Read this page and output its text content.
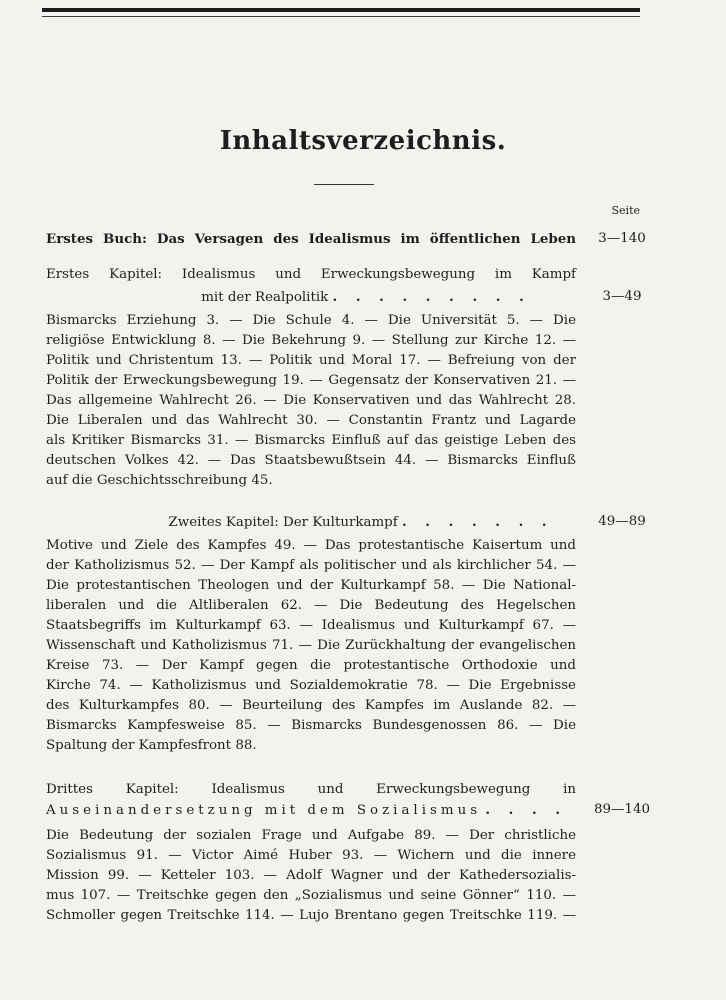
Inhaltsverzeichnis.
Seite
Erstes Buch: Das Versagen des Idealismus im öffentlichen Leben	3—140
Erstes Kapitel: Idealismus und Erweckungsbewegung im Kampf
mit der Realpolitik . . . . . . . . .	3—49
Bismarcks Erziehung 3. — Die Schule 4. — Die Universität 5. — Die
religiöse Entwicklung 8. — Die Bekehrung 9. — Stellung zur Kirche 12. —
Politik und Christentum 13. — Politik und Moral 17. — Befreiung von der
Politik der Erweckungsbewegung 19. — Gegensatz der Konservativen 21. —
Das allgemeine Wahlrecht 26. — Die Konservativen und das Wahlrecht 28.
Die Liberalen und das Wahlrecht 30. — Constantin Frantz und Lagarde
als Kritiker Bismarcks 31. — Bismarcks Einfluß auf das geistige Leben des
deutschen Volkes 42. — Das Staatsbewußtsein 44. — Bismarcks Einfluß
auf die Geschichtsschreibung 45.
Zweites Kapitel: Der Kulturkampf . . . . . . .	49—89
Motive und Ziele des Kampfes 49. — Das protestantische Kaisertum und
der Katholizismus 52. — Der Kampf als politischer und als kirchlicher 54. —
Die protestantischen Theologen und der Kulturkampf 58. — Die National-
liberalen und die Altliberalen 62. — Die Bedeutung des Hegelschen
Staatsbegriffs im Kulturkampf 63. — Idealismus und Kulturkampf 67. —
Wissenschaft und Katholizismus 71. — Die Zurückhaltung der evangelischen
Kreise 73. — Der Kampf gegen die protestantische Orthodoxie und
Kirche 74. — Katholizismus und Sozialdemokratie 78. — Die Ergebnisse
des Kulturkampfes 80. — Beurteilung des Kampfes im Auslande 82. —
Bismarcks Kampfesweise 85. — Bismarcks Bundesgenossen 86. — Die
Spaltung der Kampfesfront 88.
Drittes Kapitel: Idealismus und Erweckungsbewegung in
Auseinandersetzung mit dem Sozialismus . . . .	89—140
Die Bedeutung der sozialen Frage und Aufgabe 89. — Der christliche
Sozialismus 91. — Victor Aimé Huber 93. — Wichern und die innere
Mission 99. — Ketteler 103. — Adolf Wagner und der Kathedersozialis-
mus 107. — Treitschke gegen den „Sozialismus und seine Gönner“ 110. —
Schmoller gegen Treitschke 114. — Lujo Brentano gegen Treitschke 119. —
